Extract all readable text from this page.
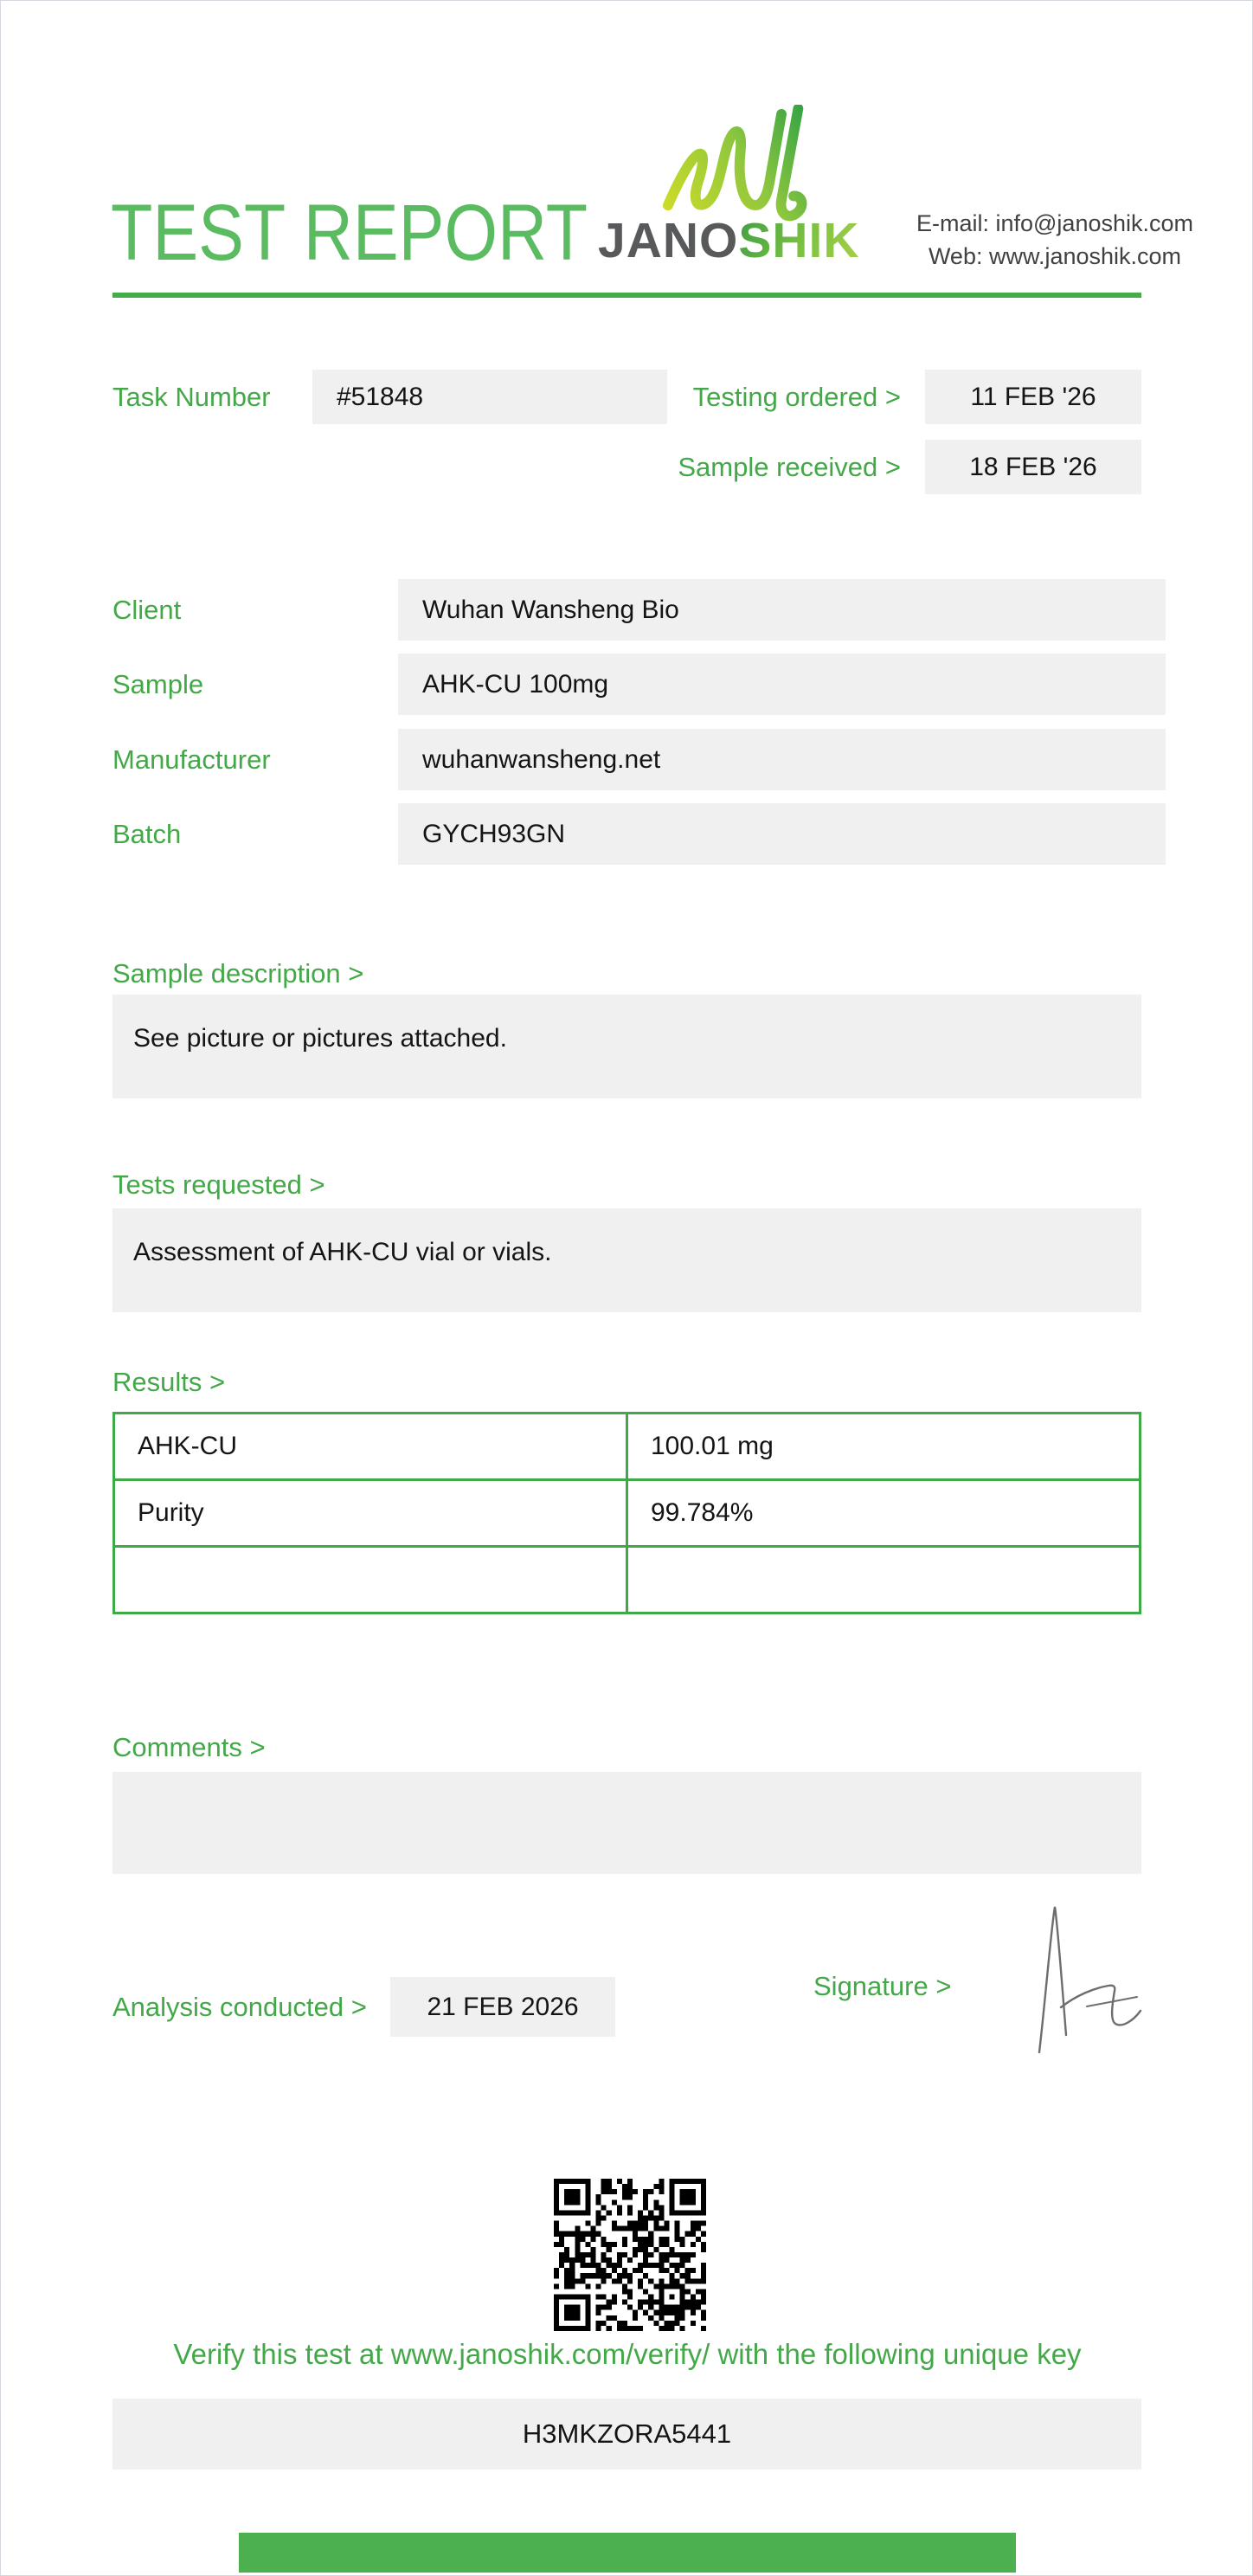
TEST REPORT JANOSHIK	E-mail: info@janoshik.com
Web: www.janoshik.com
Task Number	#51848	Testing ordered >	11 FEB '26
Sample received >	18 FEB '26
Client	Wuhan Wansheng Bio
Sample	AHK-CU 100mg
Manufacturer	wuhanwansheng.net
Batch	GYCH93GN
Sample description >
See picture or pictures attached.
Tests requested >
Assessment of AHK-CU vial or vials.
Results >
AHK-CU	100.01 mg
Purity	99.784%

Comments >
Analysis conducted >	21 FEB 2026
Signature >
Verify this test at www.janoshik.com/verify/ with the following unique key
H3MKZORA5441
